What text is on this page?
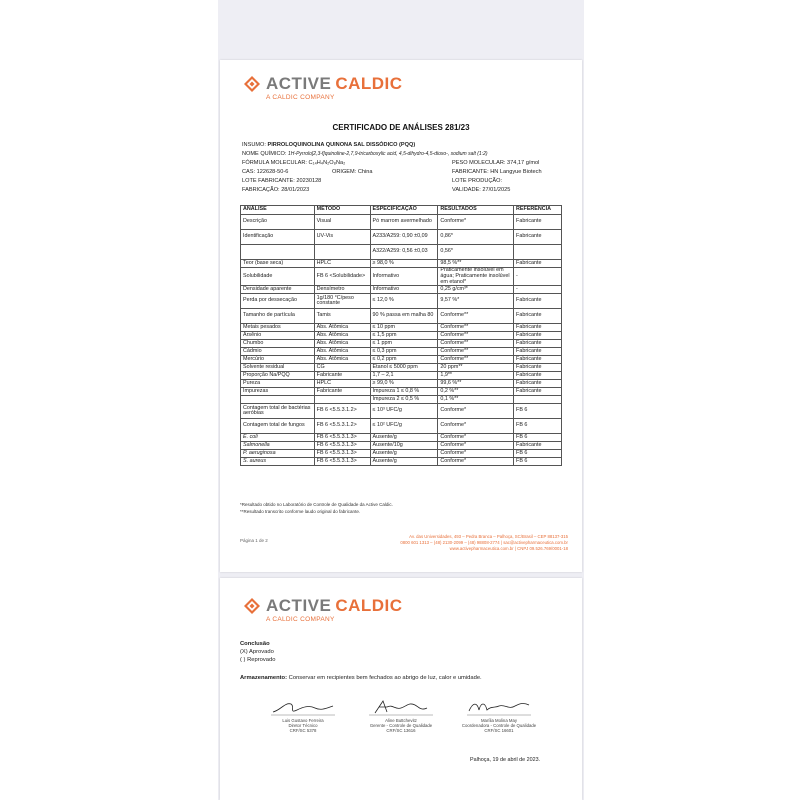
ACTIVE CALDIC
A CALDIC COMPANY
CERTIFICADO DE ANÁLISES 281/23
INSUMO: PIRROLOQUINOLINA QUINONA SAL DISSÓDICO (PQQ)
NOME QUÍMICO: 1H-Pyrrolo[2,3-f]quinoline-2,7,9-tricarboxylic acid, 4,5-dihydro-4,5-dioxo-, sodium salt (1:2)
FÓRMULA MOLECULAR: C₁₄H₄N₂O₈Na₂	PESO MOLECULAR: 374,17 g/mol
CAS: 122628-50-6	ORIGEM: China	FABRICANTE: HN Langyue Biotech
LOTE FABRICANTE: 20230128	LOTE PRODUÇÃO:
FABRICAÇÃO: 28/01/2023	VALIDADE: 27/01/2025
ANÁLISE	MÉTODO	ESPECIFICAÇÃO	RESULTADOS	REFERÊNCIA
Descrição	Visual	Pó marrom avermelhado	Conforme*	Fabricante
Identificação	UV-Vis	A233/A259: 0,90 ±0,09	0,86*	Fabricante
		A322/A259: 0,56 ±0,03	0,56*	
Teor (base seca)	HPLC	≥ 98,0 %	98,5 %**	Fabricante
Solubilidade	FB 6 <Solubilidade>	Informativo	Praticamente insolúvel em água; Praticamente insolúvel em etanol*	-
Densidade aparente	Densímetro	Informativo	0,25 g/cm³*	-
Perda por dessecação	1g/180 °C/peso constante	≤ 12,0 %	9,57 %*	Fabricante
Tamanho de partícula	Tamis	90 % passa em malha 80	Conforme**	Fabricante
Metais pesados	Abs. Atômica	≤ 10 ppm	Conforme**	Fabricante
Arsênio	Abs. Atômica	≤ 1,5 ppm	Conforme**	Fabricante
Chumbo	Abs. Atômica	≤ 1 ppm	Conforme**	Fabricante
Cádmio	Abs. Atômica	≤ 0,3 ppm	Conforme**	Fabricante
Mercúrio	Abs. Atômica	≤ 0,2 ppm	Conforme**	Fabricante
Solvente residual	CG	Etanol ≤ 5000 ppm	20 ppm**	Fabricante
Proporção Na/PQQ	Fabricante	1,7 – 2,1	1,9**	Fabricante
Pureza	HPLC	≥ 99,0 %	99,6 %**	Fabricante
Impurezas	Fabricante	Impureza 1 ≤ 0,8 %	0,2 %**	Fabricante
		Impureza 2 ≤ 0,5 %	0,1 %**	
Contagem total de bactérias aeróbias	FB 6 <5.5.3.1.2>	≤ 10³ UFC/g	Conforme*	FB 6
Contagem total de fungos	FB 6 <5.5.3.1.2>	≤ 10² UFC/g	Conforme*	FB 6
E. coli	FB 6 <5.5.3.1.3>	Ausente/g	Conforme*	FB 6
Salmonella	FB 6 <5.5.3.1.3>	Ausente/10g	Conforme*	Fabricante
P. aeruginosa	FB 6 <5.5.3.1.3>	Ausente/g	Conforme*	FB 6
S. aureus	FB 6 <5.5.3.1.3>	Ausente/g	Conforme*	FB 6
*Resultado obtido no Laboratório de Controle de Qualidade da Active Caldic.
**Resultado transcrito conforme laudo original do fabricante.
Página 1 de 2
Av. das Universidades, 493 – Pedra Branca – Palhoça, SC/Brasil – CEP 88137-315
0800 601 1313 – (48) 2130-2099 – (48) 98808-2774 | sac@activepharmaceutica.com.br
www.activepharmaceutica.com.br | CNPJ 09.526.769/0001-18
ACTIVE CALDIC
A CALDIC COMPANY
Conclusão
(X) Aprovado
( ) Reprovado
Armazenamento: Conservar em recipientes bem fechados ao abrigo de luz, calor e umidade.
Luis Gustavo Ferreira
Diretor Técnico
CRF/SC 5378
Aline Buttchevitz
Gerente - Controle de Qualidade
CRF/SC 13616
Marília Molina May
Coordenadora - Controle de Qualidade
CRF/SC 16601
Palhoça, 19 de abril de 2023.
